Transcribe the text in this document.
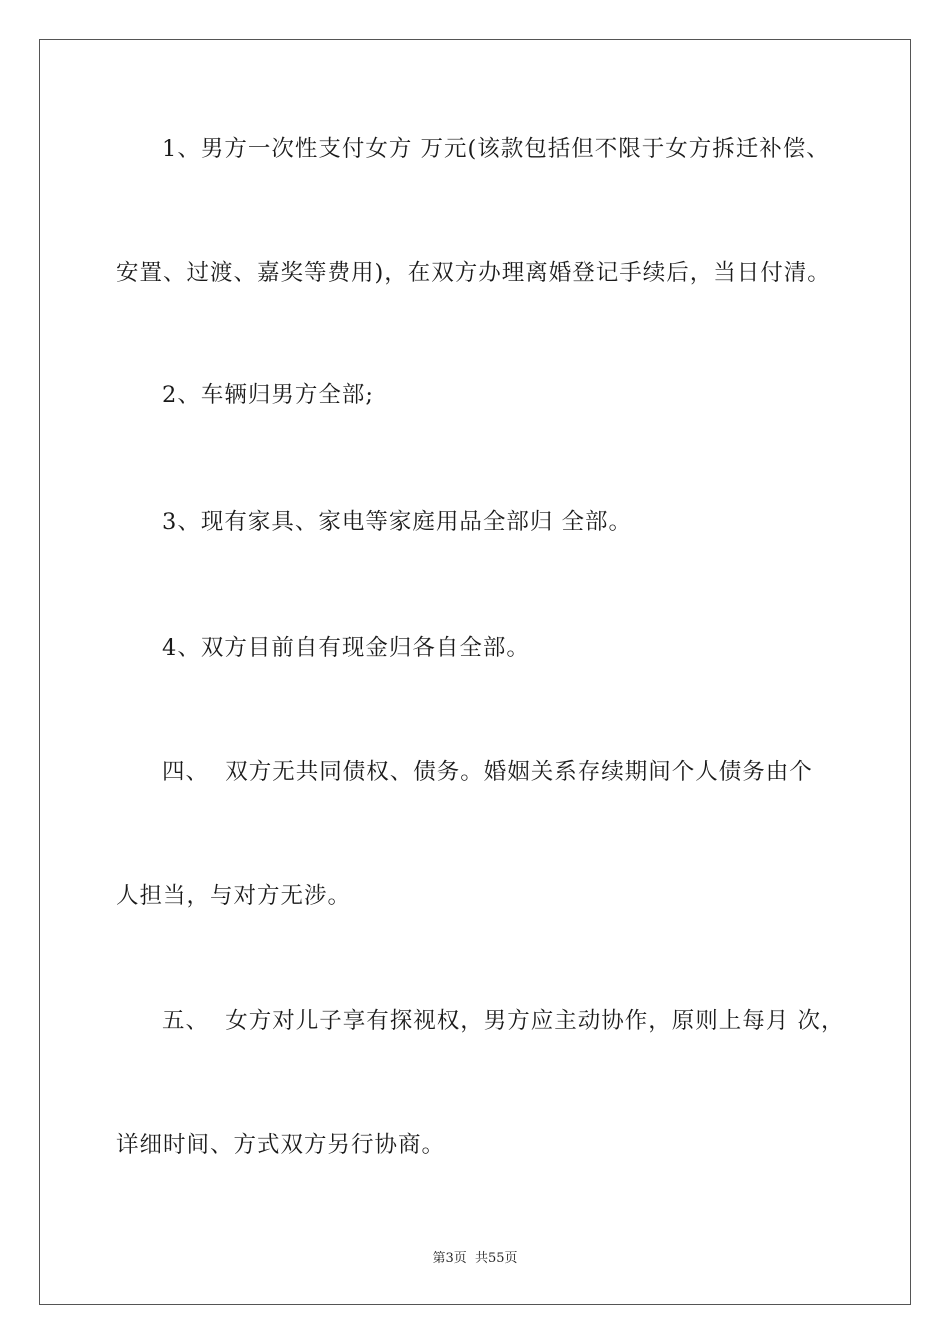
1、男方一次性支付女方 万元(该款包括但不限于女方拆迁补偿、
安置、过渡、嘉奖等费用)，在双方办理离婚登记手续后，当日付清。
2、车辆归男方全部;
3、现有家具、家电等家庭用品全部归 全部。
4、双方目前自有现金归各自全部。
四、  双方无共同债权、债务。婚姻关系存续期间个人债务由个
人担当，与对方无涉。
五、  女方对儿子享有探视权，男方应主动协作，原则上每月 次，
详细时间、方式双方另行协商。
第3页  共55页
